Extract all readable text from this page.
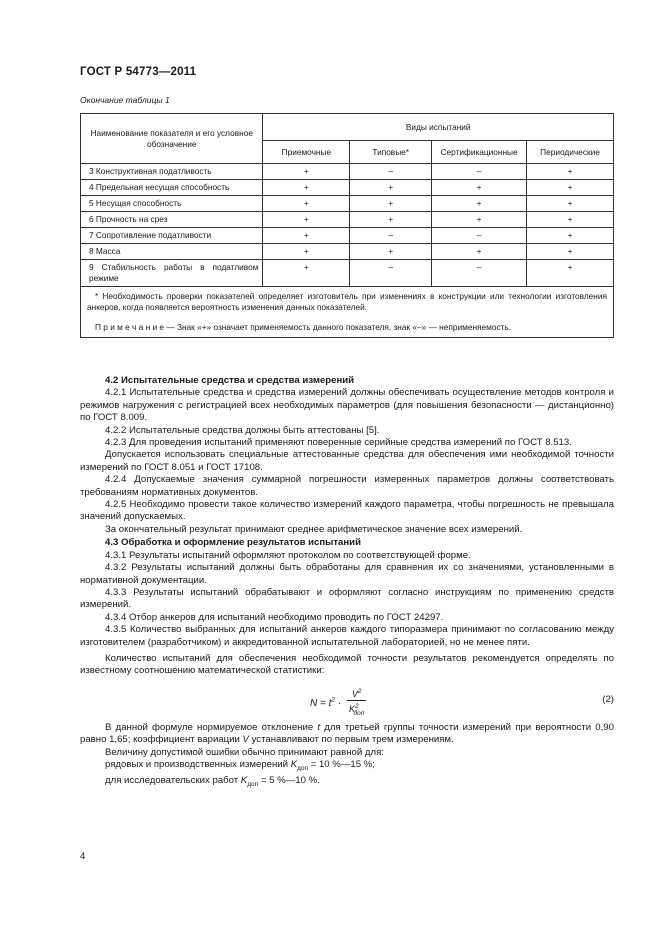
ГОСТ Р 54773—2011
Окончание таблицы 1
Наименование показателя и его условное обозначение	Виды испытаний			
	Приемочные	Типовые*	Сертификационные	Периодические
3 Конструктивная податливость	+	–	–	+
4 Предельная несущая способность	+	+	+	+
5 Несущая способность	+	+	+	+
6 Прочность на срез	+	+	+	+
7 Сопротивление податливости	+	–	–	+
8 Масса	+	+	+	+
9 Стабильность работы в податливом режиме	+	–	–	+

* Необходимость проверки показателей определяет изготовитель при изменениях в конструкции или технологии изготовления анкеров, когда появляется вероятность изменения данных показателей.
П р и м е ч а н и е — Знак «+» означает применяемость данного показателя, знак «–» — неприменяемость.				

4.2 Испытательные средства и средства измерений

4.2.1 Испытательные средства и средства измерений должны обеспечивать осуществление методов контроля и режимов нагружения с регистрацией всех необходимых параметров (для повышения безопасности — дистанционно) по ГОСТ 8.009.

4.2.2 Испытательные средства должны быть аттестованы [5].

4.2.3 Для проведения испытаний применяют поверенные серийные средства измерений по ГОСТ 8.513.

Допускается использовать специальные аттестованные средства для обеспечения ими необходимой точности измерений по ГОСТ 8.051 и ГОСТ 17108.

4.2.4 Допускаемые значения суммарной погрешности измеренных параметров должны соответствовать требованиям нормативных документов.

4.2.5 Необходимо провести такое количество измерений каждого параметра, чтобы погрешность не превышала значений допускаемых.

За окончательный результат принимают среднее арифметическое значение всех измерений.

4.3 Обработка и оформление результатов испытаний

4.3.1 Результаты испытаний оформляют протоколом по соответствующей форме.

4.3.2 Результаты испытаний должны быть обработаны для сравнения их со значениями, установленными в нормативной документации.

4.3.3 Результаты испытаний обрабатывают и оформляют согласно инструкциям по применению средств измерений.

4.3.4 Отбор анкеров для испытаний необходимо проводить по ГОСТ 24297.

4.3.5 Количество выбранных для испытаний анкеров каждого типоразмера принимают по согласованию между изготовителем (разработчиком) и аккредитованной испытательной лабораторией, но не менее пяти.

Количество испытаний для обеспечения необходимой точности результатов рекомендуется определять по известному соотношению математической статистики:

$N = t^2 \cdot \frac{V^2}{K^2_{доп}}$	(2)

В данной формуле нормируемое отклонение t для третьей группы точности измерений при вероятности 0,90 равно 1,65; коэффициент вариации V устанавливают по первым трем измерениям.

Величину допустимой ошибки обычно принимают равной для:

рядовых и производственных измерений $K_{доп} = 10$ %—15 %;

для исследовательских работ $K_{доп} = 5$ %—10 %.

4
